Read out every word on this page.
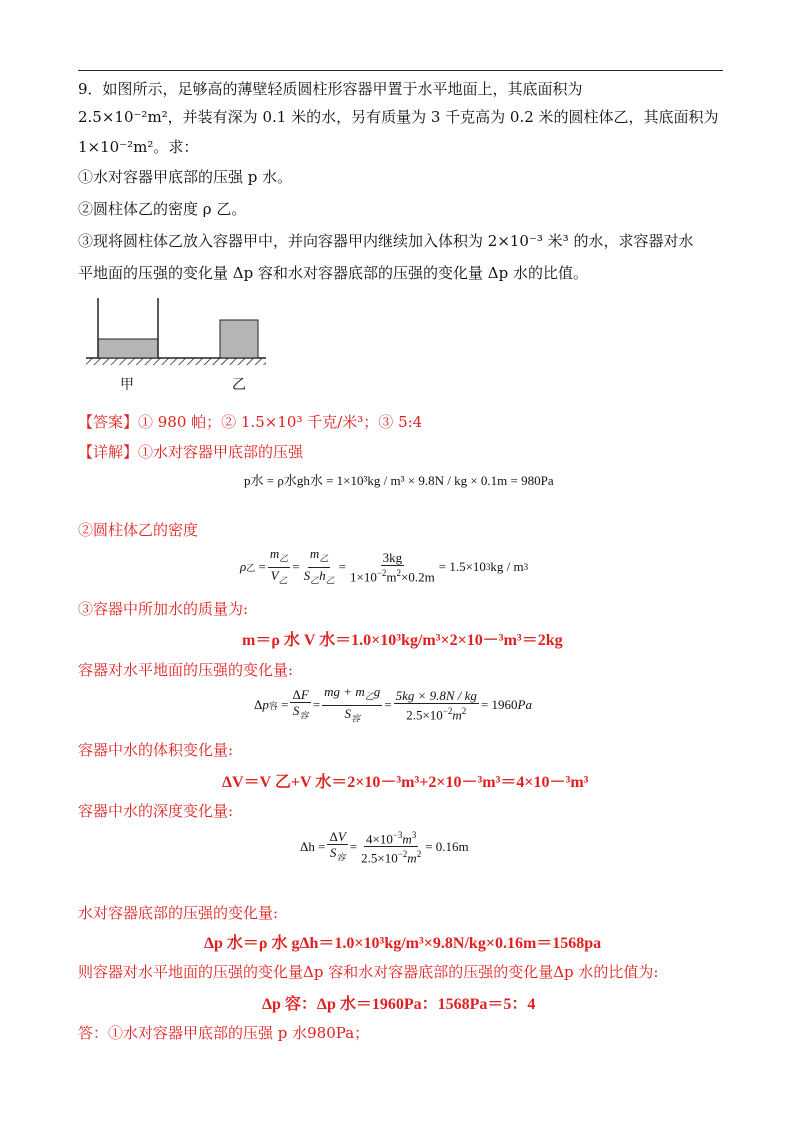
9．如图所示，足够高的薄壁轻质圆柱形容器甲置于水平地面上，其底面积为
2.5×10⁻²m²，并装有深为 0.1 米的水，另有质量为 3 千克高为 0.2 米的圆柱体乙，其底面积为
1×10⁻²m²。求：
①水对容器甲底部的压强 p 水。
②圆柱体乙的密度 ρ 乙。
③现将圆柱体乙放入容器甲中，并向容器甲内继续加入体积为 2×10⁻³ 米³ 的水，求容器对水
平地面的压强的变化量 Δp 容和水对容器底部的压强的变化量 Δp 水的比值。
甲	乙
【答案】① 980 帕；② 1.5×10³ 千克/米³；③ 5:4
【详解】①水对容器甲底部的压强
p水 = ρ水gh水 = 1×10³kg / m³ × 9.8N / kg × 0.1m = 980Pa
②圆柱体乙的密度
ρ 乙 = $\frac{m_乙}{V_乙} = \frac{m_乙}{S_乙h_乙} = \frac{3kg}{1\times 10^{-2}m^2\times 0.2m} = 1.5\times 10$ 3 kg / m 3
③容器中所加水的质量为:
m＝ρ 水 V 水＝1.0×10³kg/m³×2×10－³m³＝2kg
容器对水平地面的压强的变化量:
Δ p 容 = $\frac{\Delta F}{S_容} = \frac{mg + m_乙g}{S_容} = \frac{5kg \times 9.8N / kg}{2.5\times 10^{-2}m^2} = 1960$ Pa
容器中水的体积变化量:
ΔV＝V 乙+V 水＝2×10－³m³+2×10－³m³＝4×10－³m³
容器中水的深度变化量:
$\Delta h = \frac{\Delta V}{S_容} = \frac{4\times 10^{-3}m^3}{2.5\times 10^{-2}m^2} = 0.16m$
水对容器底部的压强的变化量:
Δp 水＝ρ 水 gΔh＝1.0×10³kg/m³×9.8N/kg×0.16m＝1568pa
则容器对水平地面的压强的变化量Δp 容和水对容器底部的压强的变化量Δp 水的比值为:
Δp 容：Δp 水＝1960Pa：1568Pa＝5：4
答：①水对容器甲底部的压强 p 水980Pa；
